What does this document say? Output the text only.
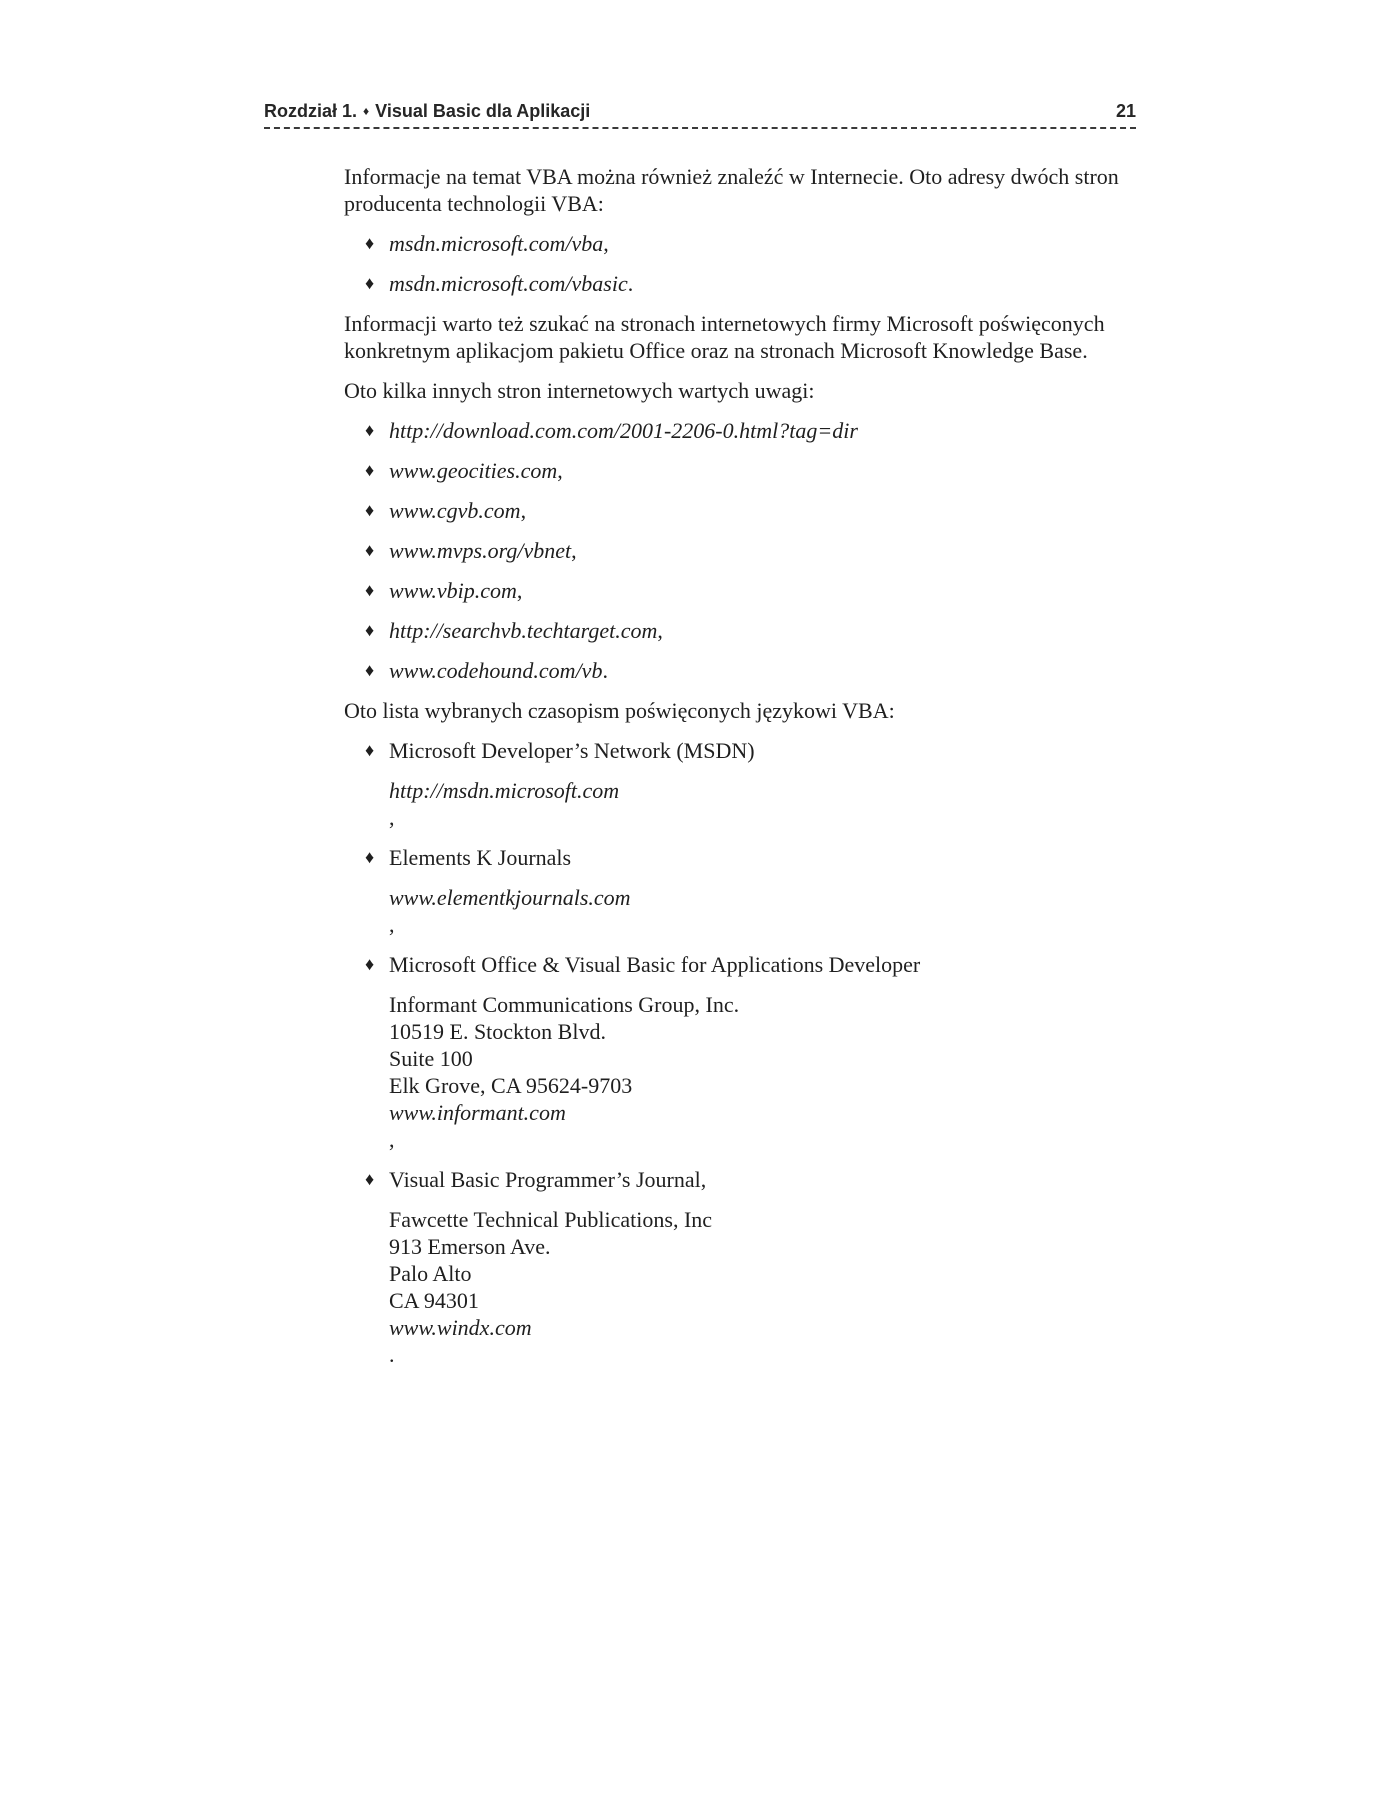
Rozdział 1. ♦ Visual Basic dla Aplikacji	21

Informacje na temat VBA można również znaleźć w Internecie. Oto adresy dwóch stron producenta technologii VBA:

♦ msdn.microsoft.com/vba,
♦ msdn.microsoft.com/vbasic.

Informacji warto też szukać na stronach internetowych firmy Microsoft poświęconych konkretnym aplikacjom pakietu Office oraz na stronach Microsoft Knowledge Base.

Oto kilka innych stron internetowych wartych uwagi:

♦ http://download.com.com/2001-2206-0.html?tag=dir
♦ www.geocities.com,
♦ www.cgvb.com,
♦ www.mvps.org/vbnet,
♦ www.vbip.com,
♦ http://searchvb.techtarget.com,
♦ www.codehound.com/vb.

Oto lista wybranych czasopism poświęconych językowi VBA:

♦ Microsoft Developer’s Network (MSDN)
http://msdn.microsoft.com
,
♦ Elements K Journals
www.elementkjournals.com
,
♦ Microsoft Office & Visual Basic for Applications Developer
Informant Communications Group, Inc.
10519 E. Stockton Blvd.
Suite 100
Elk Grove, CA 95624-9703
www.informant.com
,
♦ Visual Basic Programmer’s Journal,
Fawcette Technical Publications, Inc
913 Emerson Ave.
Palo Alto
CA 94301
www.windx.com
.
